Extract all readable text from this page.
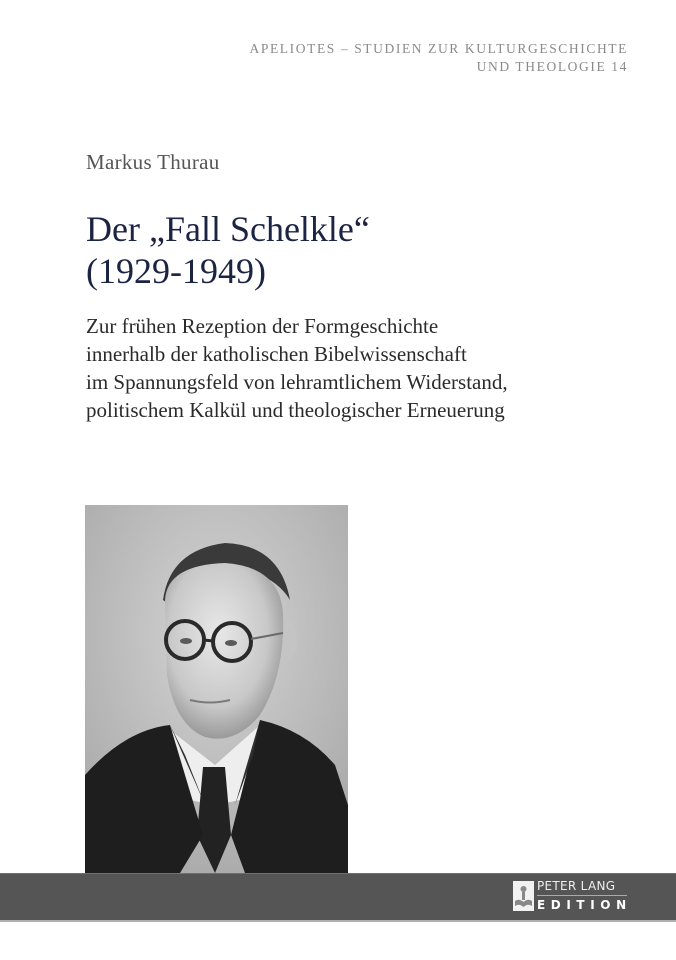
APELIOTES – STUDIEN ZUR KULTURGESCHICHTE
UND THEOLOGIE 14
Markus Thurau
Der „Fall Schelkle“
(1929-1949)
Zur frühen Rezeption der Formgeschichte
innerhalb der katholischen Bibelwissenschaft
im Spannungsfeld von lehramtlichem Widerstand,
politischem Kalkül und theologischer Erneuerung
PETER LANG
EDITION
